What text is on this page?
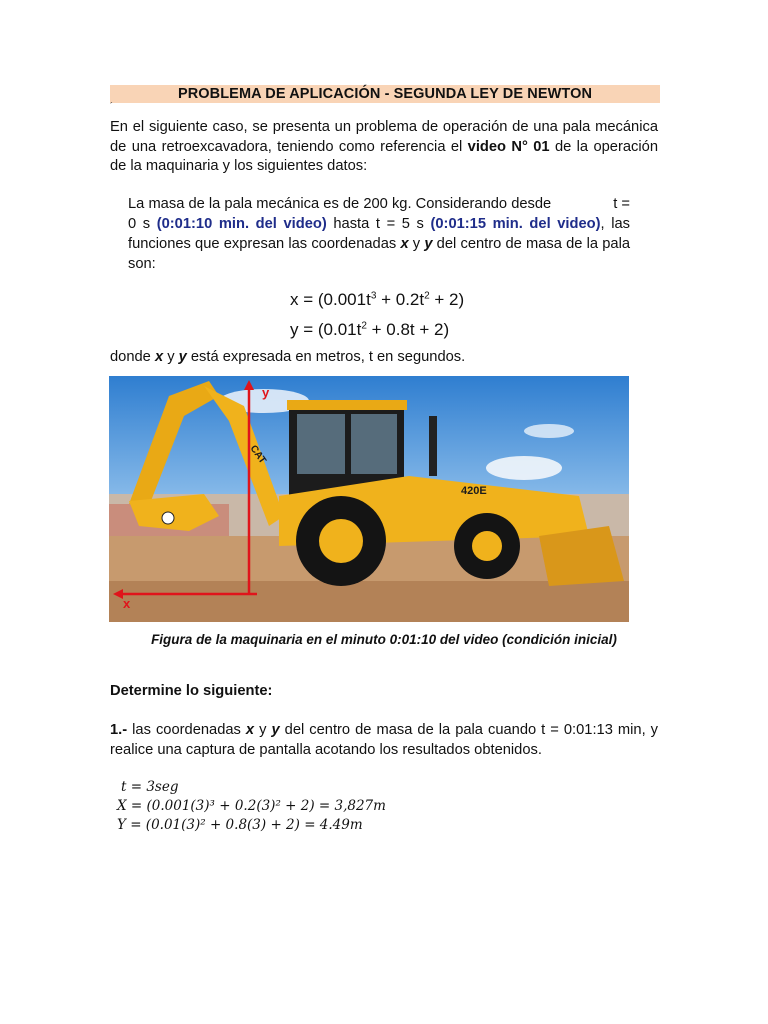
PROBLEMA DE APLICACIÓN - SEGUNDA LEY DE NEWTON
´
En el siguiente caso, se presenta un problema de operación de una pala mecánica de una retroexcavadora, teniendo como referencia el video N° 01 de la operación de la maquinaria y los siguientes datos:
La masa de la pala mecánica es de 200 kg. Considerando desde	t = 0 s (0:01:10 min. del video) hasta t = 5 s (0:01:15 min. del video), las funciones que expresan las coordenadas x y y del centro de masa de la pala son:
$x = (0.001t^3 + 0.2t^2 + 2)$
$y = (0.01t^2 + 0.8t + 2)$
donde x y y está expresada en metros, t en segundos.
420E
CAT
y
x
Figura de la maquinaria en el minuto 0:01:10 del video (condición inicial)
Determine lo siguiente:
1.- las coordenadas x y y del centro de masa de la pala cuando t = 0:01:13 min, y realice una captura de pantalla acotando los resultados obtenidos.
t = 3seg
X = (0.001(3)³ + 0.2(3)² + 2) = 3,827m
Y = (0.01(3)² + 0.8(3) + 2) = 4.49m
